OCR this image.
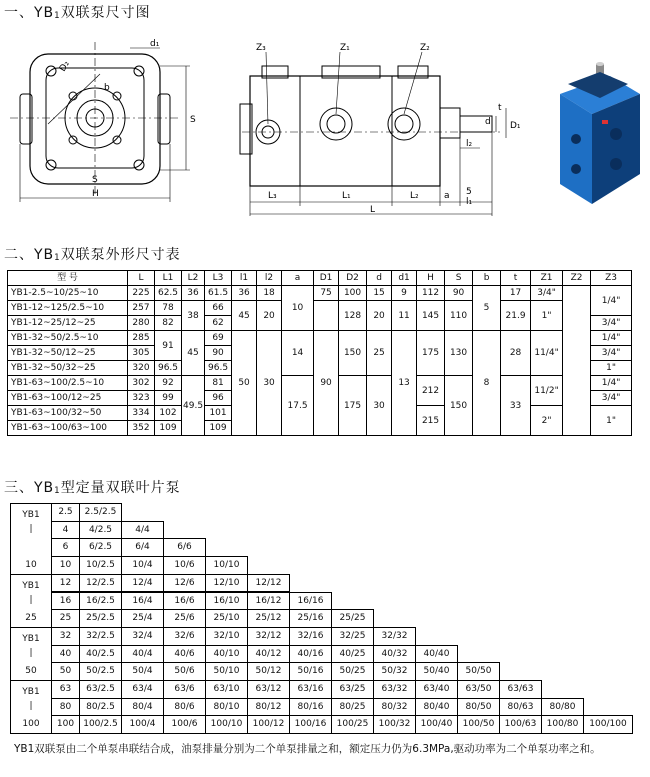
一、$YB_1$双联泵尺寸图
d₁
D₂
b
S
S
H
Z₃	Z₁	Z₂
L₃	L₁	L₂	a 5
l₁
l₂
d
t
D₁
L
二、$YB_1$双联泵外形尺寸表
型 号	L	L1	L2	L3	l1	l2	a	D1	D2	d	d1	H	S	b	t	Z1	Z2	Z3
YB1-2.5~10/25~10	225	62.5	36	61.5	36	18	10	75	100	15	9	112	90	5	17	3/4"		1/4"
YB1-12~125/2.5~10	257	78	38	66	45	20			128	20	11	145	110		21.9	1"		
YB1-12~25/12~25	280	82		62														3/4"
YB1-32~50/2.5~10	285	91	45	69	50	30	14	90	150	25	13	175	130	8	28	11/4"		1/4"
YB1-32~50/12~25	305			90														3/4"
YB1-32~50/32~25	320	96.5		96.5														1"
YB1-63~100/2.5~10	302	92	49.5	81			17.5		175	30		212	150		33	11/2"		1/4"
YB1-63~100/12~25	323	99		96														3/4"
YB1-63~100/32~50	334	102		101								215				2"		1"
YB1-63~100/63~100	352	109		109														
三、$YB_1$型定量双联叶片泵
YB1
|
10
YB1
|
25
YB1
|
50
YB1
|
100
2.5	2.5/2.5
4	4/2.5	4/4
6	6/2.5	6/4	6/6
10	10/2.5	10/4	10/6	10/10
12	12/2.5	12/4	12/6	12/10	12/12
16	16/2.5	16/4	16/6	16/10	16/12	16/16
25	25/2.5	25/4	25/6	25/10	25/12	25/16	25/25
32	32/2.5	32/4	32/6	32/10	32/12	32/16	32/25	32/32
40	40/2.5	40/4	40/6	40/10	40/12	40/16	40/25	40/32	40/40
50	50/2.5	50/4	50/6	50/10	50/12	50/16	50/25	50/32	50/40	50/50
63	63/2.5	63/4	63/6	63/10	63/12	63/16	63/25	63/32	63/40	63/50	63/63
80	80/2.5	80/4	80/6	80/10	80/12	80/16	80/25	80/32	80/40	80/50	80/63	80/80
100	100/2.5	100/4	100/6	100/10	100/12	100/16	100/25	100/32	100/40	100/50	100/63	100/80	100/100
YB1双联泵由二个单泵串联结合成，油泵排量分别为二个单泵排量之和，额定压力仍为6.3MPa,驱动功率为二个单泵功率之和。
